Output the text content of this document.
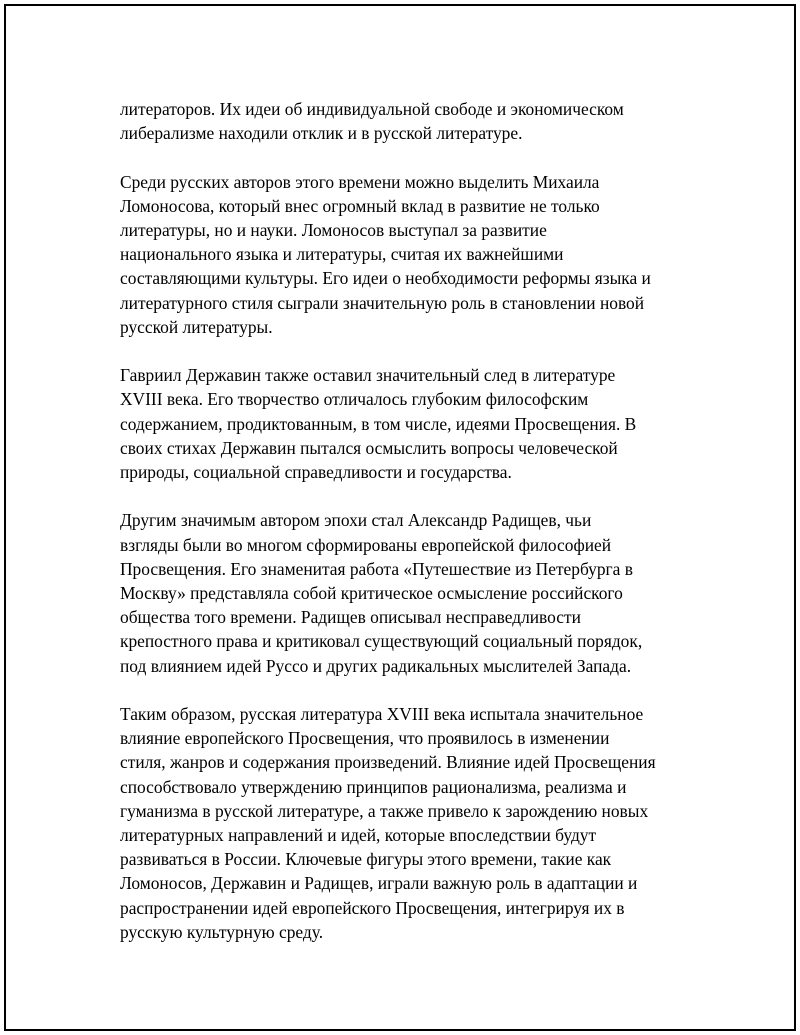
литераторов. Их идеи об индивидуальной свободе и экономическом
либерализме находили отклик и в русской литературе.

Среди русских авторов этого времени можно выделить Михаила
Ломоносова, который внес огромный вклад в развитие не только
литературы, но и науки. Ломоносов выступал за развитие
национального языка и литературы, считая их важнейшими
составляющими культуры. Его идеи о необходимости реформы языка и
литературного стиля сыграли значительную роль в становлении новой
русской литературы.

Гавриил Державин также оставил значительный след в литературе
XVIII века. Его творчество отличалось глубоким философским
содержанием, продиктованным, в том числе, идеями Просвещения. В
своих стихах Державин пытался осмыслить вопросы человеческой
природы, социальной справедливости и государства.

Другим значимым автором эпохи стал Александр Радищев, чьи
взгляды были во многом сформированы европейской философией
Просвещения. Его знаменитая работа «Путешествие из Петербурга в
Москву» представляла собой критическое осмысление российского
общества того времени. Радищев описывал несправедливости
крепостного права и критиковал существующий социальный порядок,
под влиянием идей Руссо и других радикальных мыслителей Запада.

Таким образом, русская литература XVIII века испытала значительное
влияние европейского Просвещения, что проявилось в изменении
стиля, жанров и содержания произведений. Влияние идей Просвещения
способствовало утверждению принципов рационализма, реализма и
гуманизма в русской литературе, а также привело к зарождению новых
литературных направлений и идей, которые впоследствии будут
развиваться в России. Ключевые фигуры этого времени, такие как
Ломоносов, Державин и Радищев, играли важную роль в адаптации и
распространении идей европейского Просвещения, интегрируя их в
русскую культурную среду.
